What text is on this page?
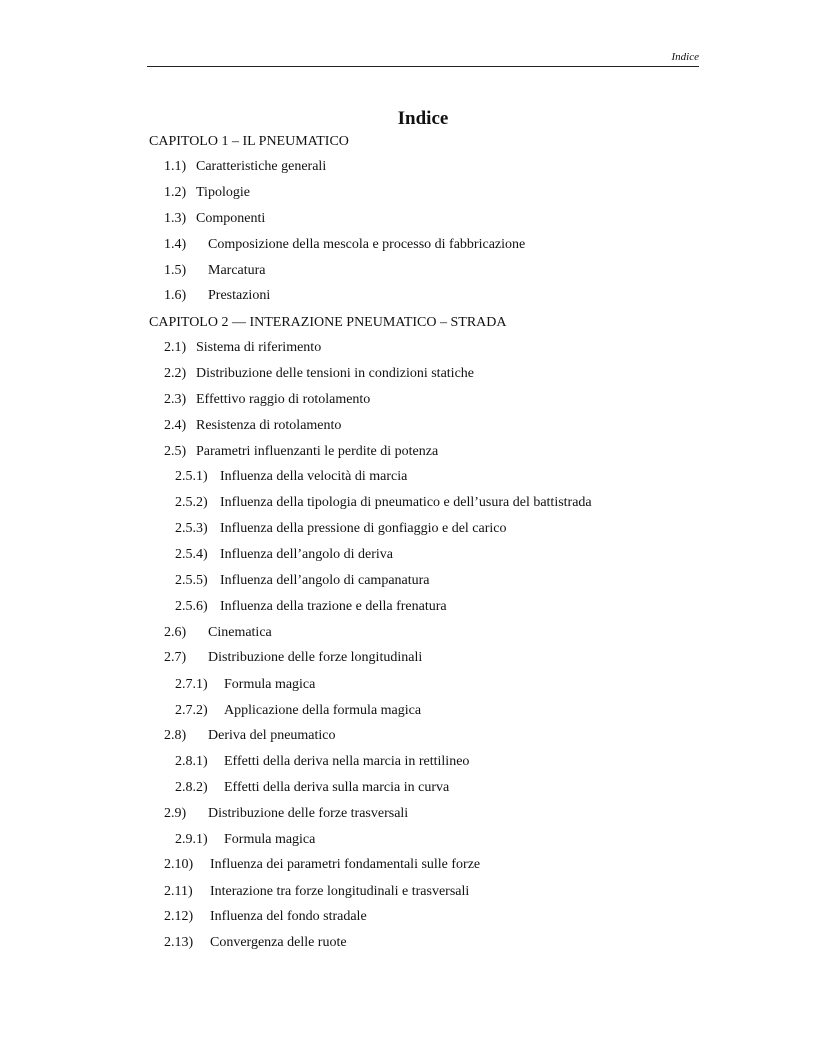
Indice
Indice
CAPITOLO 1 – IL PNEUMATICO
1.1) Caratteristiche generali
1.2) Tipologie
1.3) Componenti
1.4) Composizione della mescola e processo di fabbricazione
1.5) Marcatura
1.6) Prestazioni
CAPITOLO 2 — INTERAZIONE PNEUMATICO – STRADA
2.1) Sistema di riferimento
2.2) Distribuzione delle tensioni in condizioni statiche
2.3) Effettivo raggio di rotolamento
2.4) Resistenza di rotolamento
2.5) Parametri influenzanti le perdite di potenza
2.5.1) Influenza della velocità di marcia
2.5.2) Influenza della tipologia di pneumatico e dell’usura del battistrada
2.5.3) Influenza della pressione di gonfiaggio e del carico
2.5.4) Influenza dell’angolo di deriva
2.5.5) Influenza dell’angolo di campanatura
2.5.6) Influenza della trazione e della frenatura
2.6) Cinematica
2.7) Distribuzione delle forze longitudinali
2.7.1) Formula magica
2.7.2) Applicazione della formula magica
2.8) Deriva del pneumatico
2.8.1) Effetti della deriva nella marcia in rettilineo
2.8.2) Effetti della deriva sulla marcia in curva
2.9) Distribuzione delle forze trasversali
2.9.1) Formula magica
2.10) Influenza dei parametri fondamentali sulle forze
2.11) Interazione tra forze longitudinali e trasversali
2.12) Influenza del fondo stradale
2.13) Convergenza delle ruote
